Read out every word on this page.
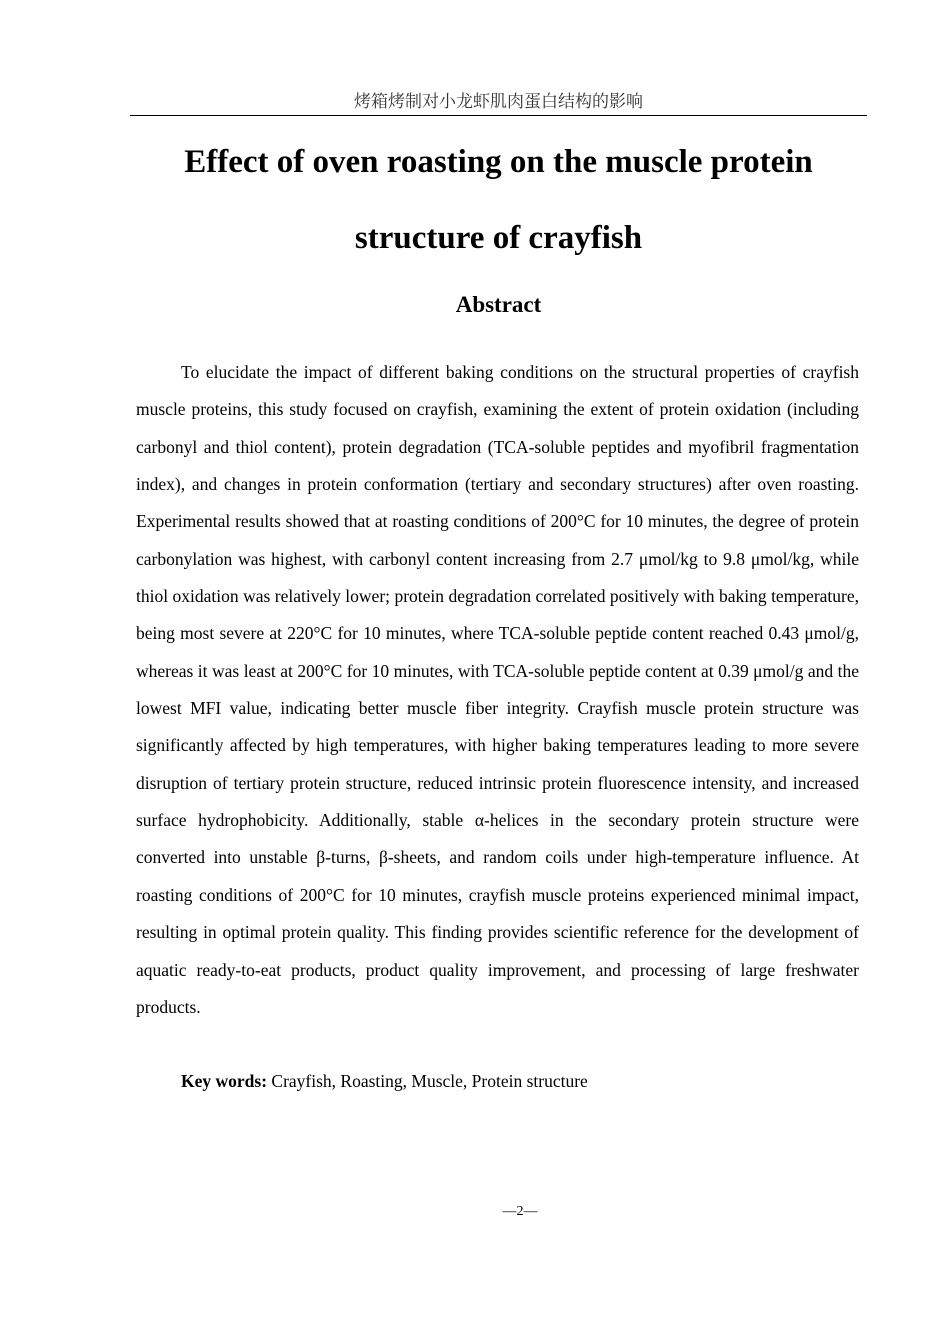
烤箱烤制对小龙虾肌肉蛋白结构的影响
Effect of oven roasting on the muscle protein
structure of crayfish
Abstract

To elucidate the impact of different baking conditions on the structural properties of crayfish muscle proteins, this study focused on crayfish, examining the extent of protein oxidation (including carbonyl and thiol content), protein degradation (TCA-soluble peptides and myofibril fragmentation index), and changes in protein conformation (tertiary and secondary structures) after oven roasting. Experimental results showed that at roasting conditions of 200°C for 10 minutes, the degree of protein carbonylation was highest, with carbonyl content increasing from 2.7 μmol/kg to 9.8 μmol/kg, while thiol oxidation was relatively lower; protein degradation correlated positively with baking temperature, being most severe at 220°C for 10 minutes, where TCA-soluble peptide content reached 0.43 μmol/g, whereas it was least at 200°C for 10 minutes, with TCA-soluble peptide content at 0.39 μmol/g and the lowest MFI value, indicating better muscle fiber integrity. Crayfish muscle protein structure was significantly affected by high temperatures, with higher baking temperatures leading to more severe disruption of tertiary protein structure, reduced intrinsic protein fluorescence intensity, and increased surface hydrophobicity. Additionally, stable α-helices in the secondary protein structure were converted into unstable β-turns, β-sheets, and random coils under high-temperature influence. At roasting conditions of 200°C for 10 minutes, crayfish muscle proteins experienced minimal impact, resulting in optimal protein quality. This finding provides scientific reference for the development of aquatic ready-to-eat products, product quality improvement, and processing of large freshwater products.

Key words: Crayfish, Roasting, Muscle, Protein structure

—2—
